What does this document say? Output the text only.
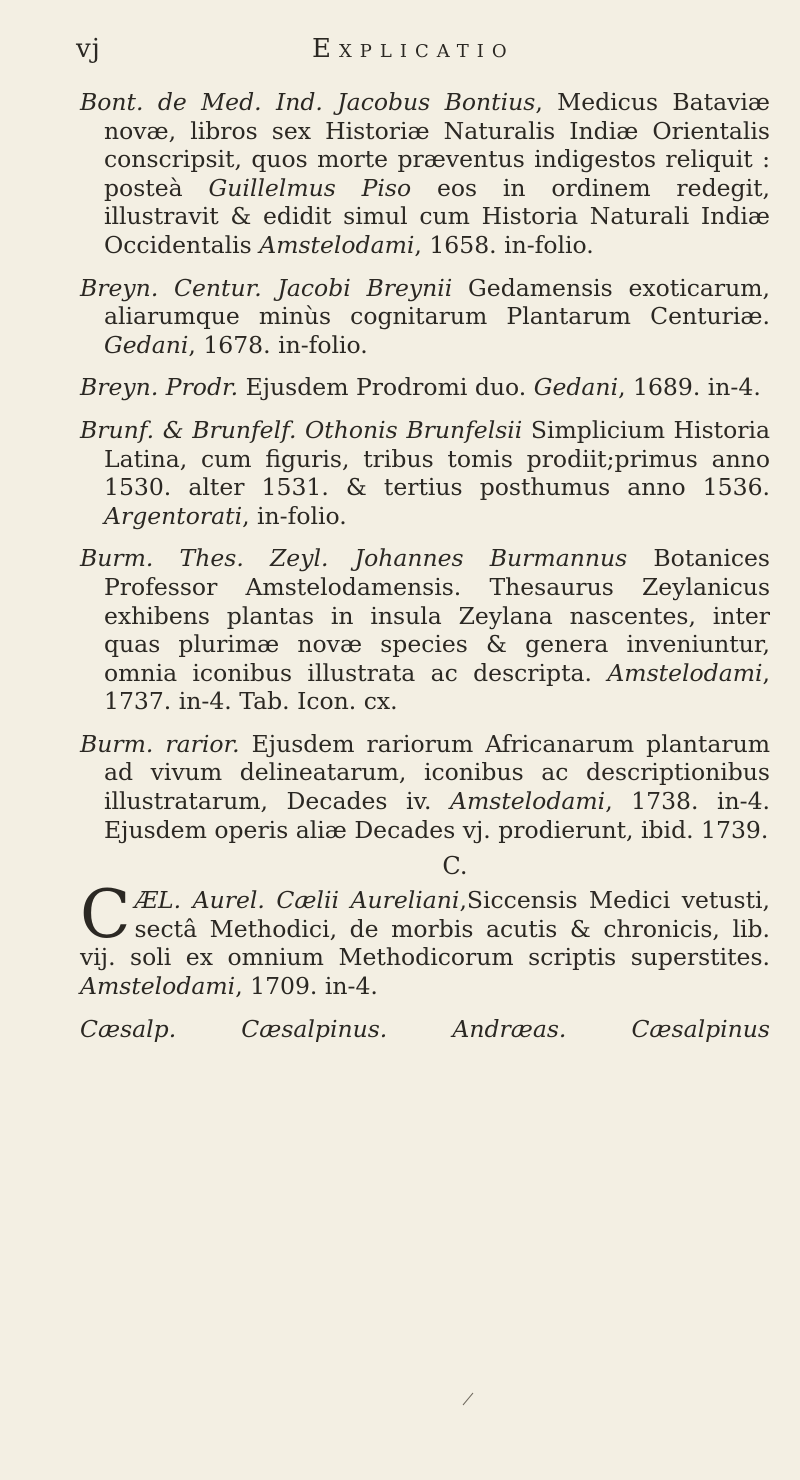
vj	Explicatio

Bont. de Med. Ind. Jacobus Bontius, Medicus Bataviæ novæ, libros sex Historiæ Naturalis Indiæ Orientalis conscripsit, quos morte præventus indigestos reliquit : posteà Guillelmus Piso eos in ordinem redegit, illustravit & edidit simul cum Historia Naturali Indiæ Occidentalis Amstelodami, 1658. in-folio.

Breyn. Centur. Jacobi Breynii Gedamensis exoticarum, aliarumque minùs cognitarum Plantarum Centuriæ. Gedani, 1678. in-folio.

Breyn. Prodr. Ejusdem Prodromi duo. Gedani, 1689. in-4.

Brunf. & Brunfelf. Othonis Brunfelsii Simplicium Historia Latina, cum figuris, tribus tomis prodiit;primus anno 1530. alter 1531. & tertius posthumus anno 1536. Argentorati, in-folio.

Burm. Thes. Zeyl. Johannes Burmannus Botanices Professor Amstelodamensis. Thesaurus Zeylanicus exhibens plantas in insula Zeylana nascentes, inter quas plurimæ novæ species & genera inveniuntur, omnia iconibus illustrata ac descripta. Amstelodami, 1737. in-4. Tab. Icon. cx.

Burm. rarior. Ejusdem rariorum Africanarum plantarum ad vivum delineatarum, iconibus ac descriptionibus illustratarum, Decades iv. Amstelodami, 1738. in-4. Ejusdem operis aliæ Decades vj. prodierunt, ibid. 1739.

C.

C ÆL. Aurel. Cælii Aureliani,Siccensis Medici vetusti, sectâ Methodici, de morbis acutis & chronicis, lib. vij. soli ex omnium Methodicorum scriptis superstites. Amstelodami, 1709. in-4.

Cæsalp.	Cæsalpinus.	Andræas.	Cæsalpinus
